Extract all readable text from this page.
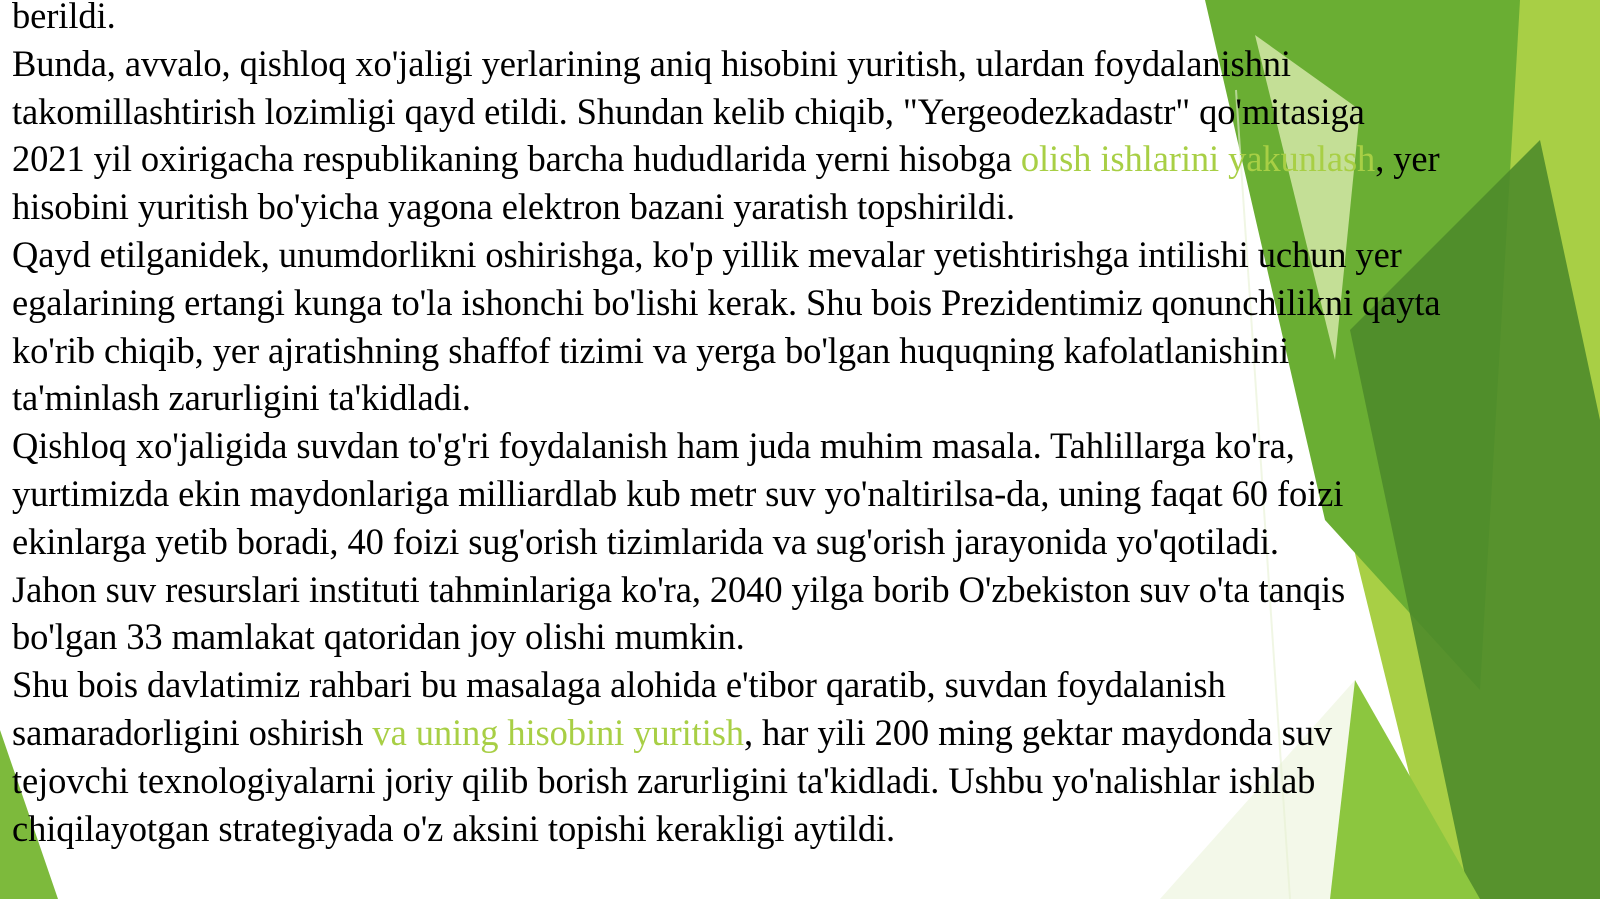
berildi.
Bunda, avvalo, qishloq xo'jaligi yerlarining aniq hisobini yuritish, ulardan foydalanishni
takomillashtirish lozimligi qayd etildi. Shundan kelib chiqib, "Yergeodezkadastr" qo'mitasiga
2021 yil oxirigacha respublikaning barcha hududlarida yerni hisobga olish ishlarini yakunlash, yer
hisobini yuritish bo'yicha yagona elektron bazani yaratish topshirildi.
Qayd etilganidek, unumdorlikni oshirishga, ko'p yillik mevalar yetishtirishga intilishi uchun yer
egalarining ertangi kunga to'la ishonchi bo'lishi kerak. Shu bois Prezidentimiz qonunchilikni qayta
ko'rib chiqib, yer ajratishning shaffof tizimi va yerga bo'lgan huquqning kafolatlanishini
ta'minlash zarurligini ta'kidladi.
Qishloq xo'jaligida suvdan to'g'ri foydalanish ham juda muhim masala. Tahlillarga ko'ra,
yurtimizda ekin maydonlariga milliardlab kub metr suv yo'naltirilsa-da, uning faqat 60 foizi
ekinlarga yetib boradi, 40 foizi sug'orish tizimlarida va sug'orish jarayonida yo'qotiladi.
Jahon suv resurslari instituti tahminlariga ko'ra, 2040 yilga borib O'zbekiston suv o'ta tanqis
bo'lgan 33 mamlakat qatoridan joy olishi mumkin.
Shu bois davlatimiz rahbari bu masalaga alohida e'tibor qaratib, suvdan foydalanish
samaradorligini oshirish va uning hisobini yuritish, har yili 200 ming gektar maydonda suv
tejovchi texnologiyalarni joriy qilib borish zarurligini ta'kidladi. Ushbu yo'nalishlar ishlab
chiqilayotgan strategiyada o'z aksini topishi kerakligi aytildi.
